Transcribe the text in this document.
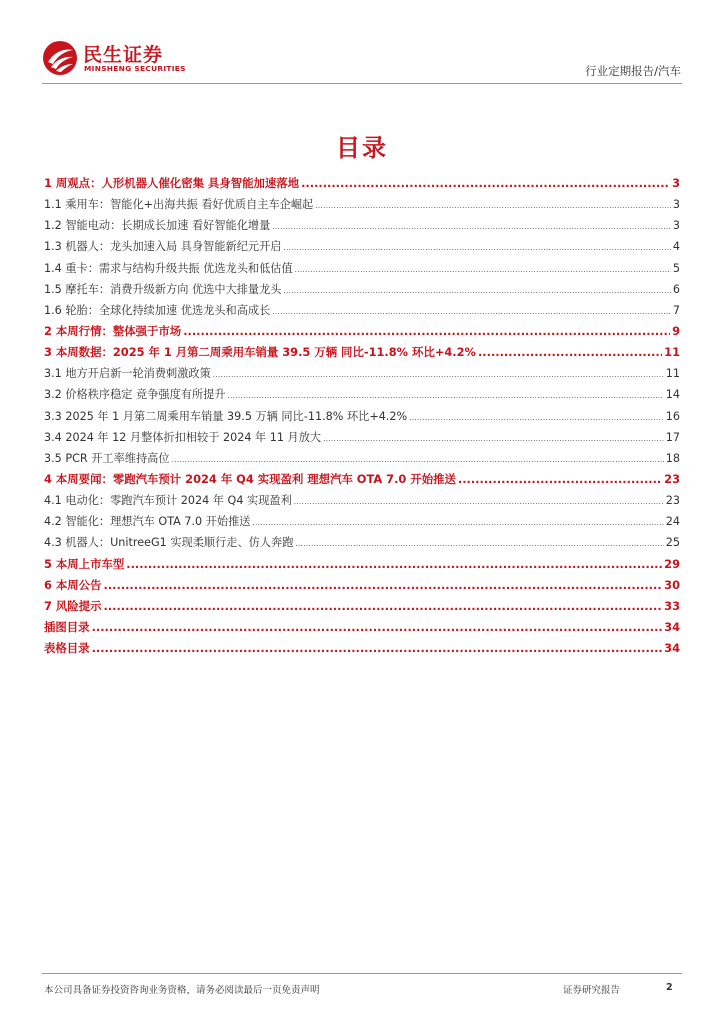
民生证券
MINSHENG SECURITIES	行业定期报告/汽车
目录
1 周观点：人形机器人催化密集 具身智能加速落地 .....	3
1.1 乘用车：智能化+出海共振 看好优质自主车企崛起 .....	3
1.2 智能电动：长期成长加速 看好智能化增量 .....	3
1.3 机器人：龙头加速入局 具身智能新纪元开启 .....	4
1.4 重卡：需求与结构升级共振 优选龙头和低估值 .....	5
1.5 摩托车：消费升级新方向 优选中大排量龙头 .....	6
1.6 轮胎：全球化持续加速 优选龙头和高成长 .....	7
2 本周行情：整体强于市场 .....	9
3 本周数据：2025 年 1 月第二周乘用车销量 39.5 万辆 同比-11.8% 环比+4.2% .....	11
3.1 地方开启新一轮消费刺激政策 .....	11
3.2 价格秩序稳定 竞争强度有所提升 .....	14
3.3 2025 年 1 月第二周乘用车销量 39.5 万辆 同比-11.8% 环比+4.2% .....	16
3.4 2024 年 12 月整体折扣相较于 2024 年 11 月放大 .....	17
3.5 PCR 开工率维持高位 .....	18
4 本周要闻：零跑汽车预计 2024 年 Q4 实现盈利 理想汽车 OTA 7.0 开始推送 .....	23
4.1 电动化：零跑汽车预计 2024 年 Q4 实现盈利 .....	23
4.2 智能化：理想汽车 OTA 7.0 开始推送 .....	24
4.3 机器人：UnitreeG1 实现柔顺行走、仿人奔跑 .....	25
5 本周上市车型 .....	29
6 本周公告 .....	30
7 风险提示 .....	33
插图目录 .....	34
表格目录 .....	34
本公司具备证券投资咨询业务资格，请务必阅读最后一页免责声明	证券研究报告	2
